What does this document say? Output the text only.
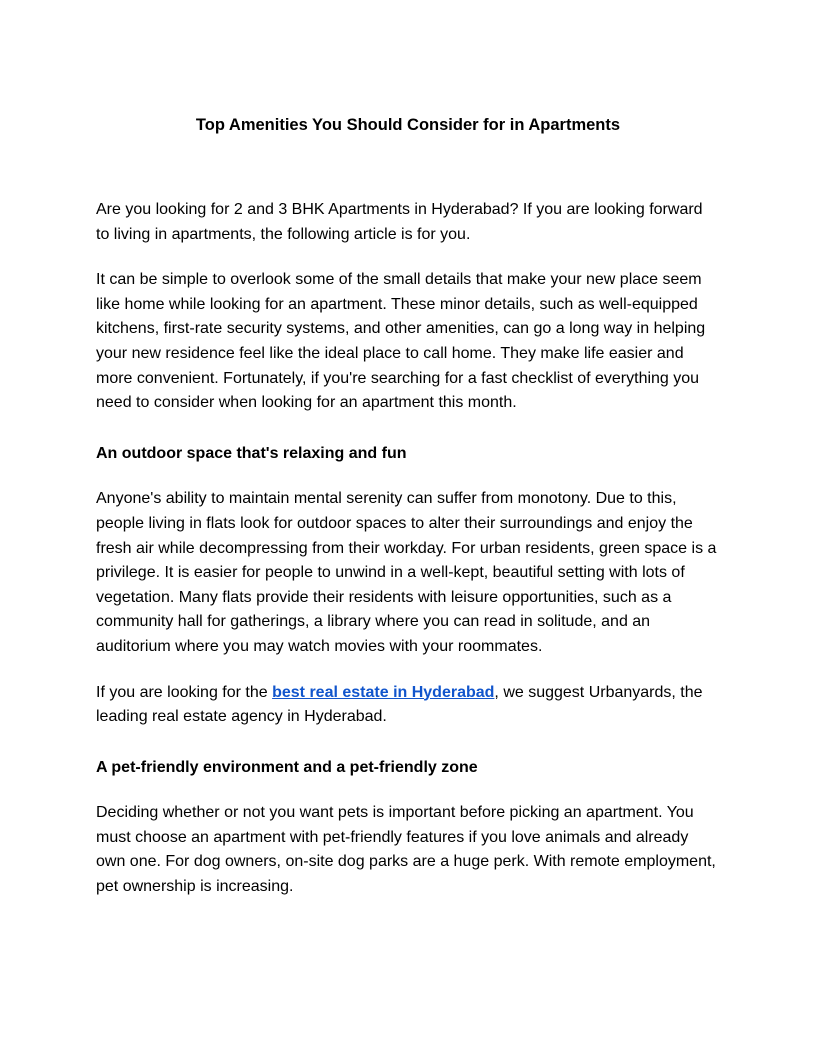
Top Amenities You Should Consider for in Apartments

Are you looking for 2 and 3 BHK Apartments in Hyderabad? If you are looking forward to living in apartments, the following article is for you.

It can be simple to overlook some of the small details that make your new place seem like home while looking for an apartment. These minor details, such as well-equipped kitchens, first-rate security systems, and other amenities, can go a long way in helping your new residence feel like the ideal place to call home. They make life easier and more convenient. Fortunately, if you're searching for a fast checklist of everything you need to consider when looking for an apartment this month.

An outdoor space that's relaxing and fun

Anyone's ability to maintain mental serenity can suffer from monotony. Due to this, people living in flats look for outdoor spaces to alter their surroundings and enjoy the fresh air while decompressing from their workday. For urban residents, green space is a privilege. It is easier for people to unwind in a well-kept, beautiful setting with lots of vegetation. Many flats provide their residents with leisure opportunities, such as a community hall for gatherings, a library where you can read in solitude, and an auditorium where you may watch movies with your roommates.

If you are looking for the best real estate in Hyderabad, we suggest Urbanyards, the leading real estate agency in Hyderabad.

A pet-friendly environment and a pet-friendly zone

Deciding whether or not you want pets is important before picking an apartment. You must choose an apartment with pet-friendly features if you love animals and already own one. For dog owners, on-site dog parks are a huge perk. With remote employment, pet ownership is increasing.
